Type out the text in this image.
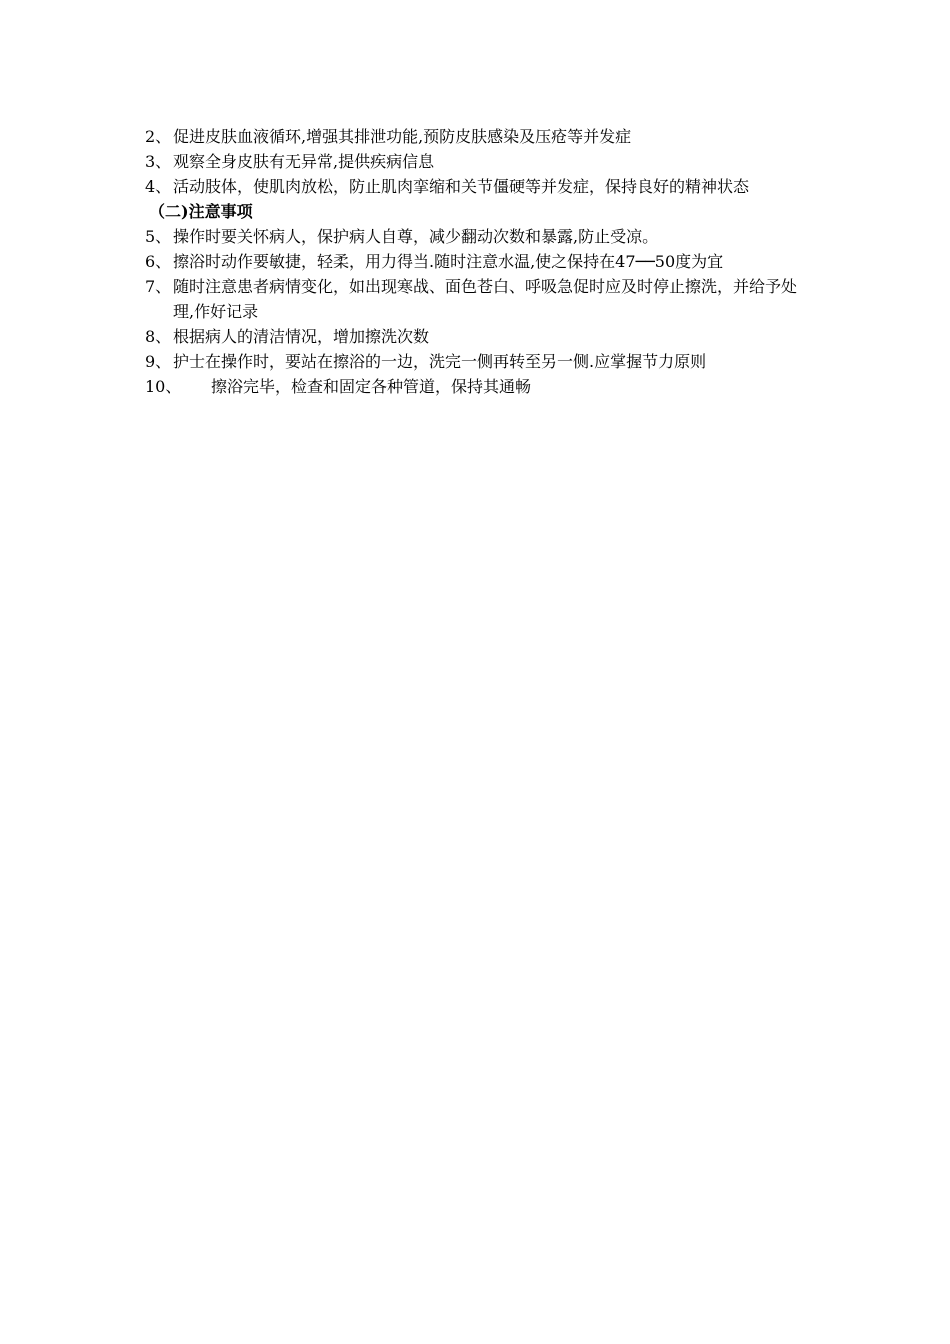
2、 促进皮肤血液循环,增强其排泄功能,预防皮肤感染及压疮等并发症
3、 观察全身皮肤有无异常,提供疾病信息
4、 活动肢体，使肌肉放松，防止肌肉挛缩和关节僵硬等并发症，保持良好的精神状态
（二)注意事项
5、 操作时要关怀病人，保护病人自尊，减少翻动次数和暴露,防止受凉。
6、 擦浴时动作要敏捷，轻柔，用力得当.随时注意水温,使之保持在47──50度为宜
7、 随时注意患者病情变化，如出现寒战、面色苍白、呼吸急促时应及时停止擦洗，并给予处理,作好记录
8、 根据病人的清洁情况，增加擦洗次数
9、 护士在操作时，要站在擦浴的一边，洗完一侧再转至另一侧.应掌握节力原则
10、 擦浴完毕，检查和固定各种管道，保持其通畅
